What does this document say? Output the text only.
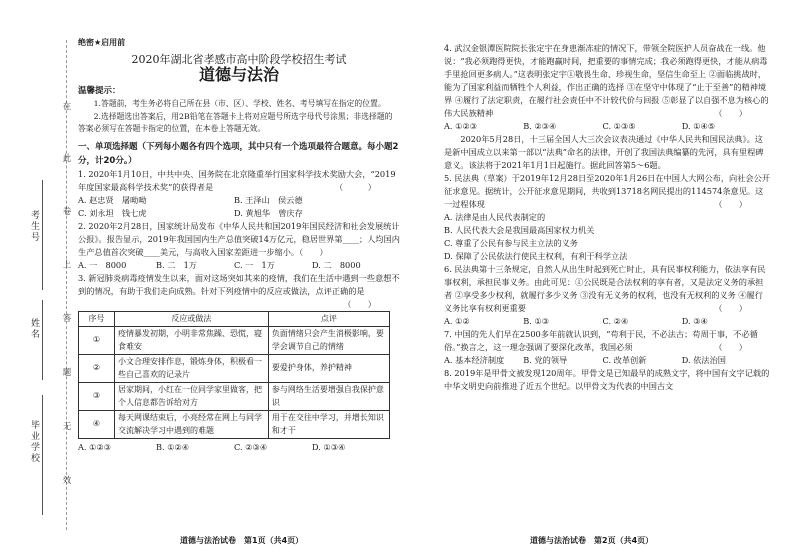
考生号
姓名
毕业学校
在
此
卷
上
答
题
无
效
绝密★启用前
2020年湖北省孝感市高中阶段学校招生考试
道德与法治
温馨提示：
1.答题前，考生务必将自己所在县（市、区）、学校、姓名、考号填写在指定的位置。
2.选择题选出答案后，用2B铅笔在答题卡上将对应题号所选字母代号涂黑；非选择题的答案必须写在答题卡指定的位置，在本卷上答题无效。
一、单项选择题（下列每小题各有四个选项，其中只有一个选项最符合题意。每小题2分，计20分。）
1. 2020年1月10日，中共中央、国务院在北京隆重举行国家科学技术奖励大会，“2019年度国家最高科学技术奖”的获得者是	（　　　）
A. 赵忠贤　屠呦呦	B. 王泽山　侯云德
C. 刘永坦　钱七虎	D. 黄旭华　曾庆存
2. 2020年2月28日，国家统计局发布《中华人民共和国2019年国民经济和社会发展统计公报》。报告显示，2019年我国国内生产总值突破14万亿元，稳居世界第____；人均国内生产总值首次突破____美元，与高收入国家差距进一步缩小。（　　）
A. 一　8000	B. 二　1万	C. 一　1万	D. 二　8000
3. 新冠肺炎病毒疫情发生以来，面对这场突如其来的疫情，我们在生活中遇到一些意想不到的情况，有助于我们走向成熟。针对下列疫情中的反应或做法，点评正确的是
（　　）
序号	反应或做法	点评
①	疫情暴发初期，小明非常焦躁、恐慌，寝食难安	负面情绪只会产生消极影响，要学会调节自己的情绪
②	小文合理安排作息，锻炼身体，积极看一些自己喜欢的记录片	要爱护身体，养护精神
③	居家期间，小红在一位同学家里做客，把个人信息都告诉给对方	参与网络生活要增强自我保护意识
④	每天网课结束后，小亮经常在网上与同学交流解决学习中遇到的难题	用于在交往中学习，并增长知识和才干
A. ①②③	B. ①②④	C. ②③④	D. ①③④
4. 武汉金银潭医院院长张定宇在身患渐冻症的情况下，带领全院医护人员奋战在一线。他说：“我必须跑得更快，才能跑赢时间，把重要的事情完成；我必须跑得更快，才能从病毒手里抢回更多病人。”这表明张定宇①敬畏生命、珍视生命，坚信生命至上 ②面临挑战时，能为了国家利益而牺牲个人利益，作出正确的选择 ③在坚守中体现了“止于至善”的精神境界 ④履行了法定职责，在履行社会责任中不计较代价与回报 ⑤彰显了以自强不息为核心的伟大民族精神	（　　）
A. ①②③	B. ②③④	C. ①③⑤	D. ①④⑤
2020年5月28日，十三届全国人大三次会议表决通过《中华人民共和国民法典》。这是新中国成立以来第一部以“法典”命名的法律，开创了我国法典编纂的先河，具有里程碑意义。该法将于2021年1月1日起施行。据此回答第5～6题。
5. 民法典（草案）于2019年12月28日至2020年1月26日在中国人大网公布，向社会公开征求意见。据统计，公开征求意见期间，共收到13718名网民提出的114574条意见。这一过程体现	（　　）
A. 法律是由人民代表制定的
B. 人民代表大会是我国最高国家权力机关
C. 尊重了公民有参与民主立法的义务
D. 保障了公民依法行使民主权利，有利于科学立法
6. 民法典第十三条规定，自然人从出生时起到死亡时止，具有民事权利能力，依法享有民事权利，承担民事义务。由此可见：①公民既是合法权利的享有者，又是法定义务的承担者 ②享受多少权利，就履行多少义务 ③没有无义务的权利，也没有无权利的义务 ④履行义务比享有权利更重要	（　　）
A. ①②	B. ①③	C. ②④	D. ③④
7. 中国的先人们早在2500多年前就认识到，“苟利于民，不必法古；苟周于事，不必循俗。”换言之，这一理念强调了要深化改革，我国必须	（　　）
A. 基本经济制度	B. 党的领导	C. 改革创新	D. 依法治国
8. 2019年是甲骨文被发现120周年。甲骨文是已知最早的成熟文字，将中国有文字记载的中华文明史向前推进了近五个世纪。以甲骨文为代表的中国古文
道德与法治试卷　第1页（共4页）	道德与法治试卷　第2页（共4页）
